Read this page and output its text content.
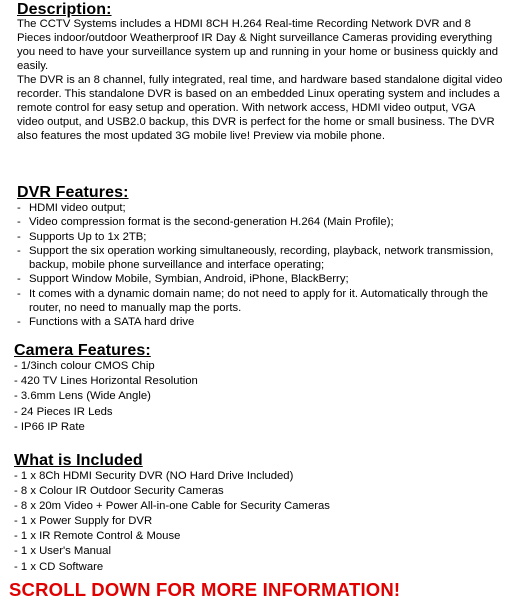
Description:

The CCTV Systems includes a HDMI 8CH H.264 Real-time Recording Network DVR and 8 Pieces indoor/outdoor Weatherproof IR Day & Night surveillance Cameras providing everything you need to have your surveillance system up and running in your home or business quickly and easily.

The DVR is an 8 channel, fully integrated, real time, and hardware based standalone digital video recorder. This standalone DVR is based on an embedded Linux operating system and includes a remote control for easy setup and operation. With network access, HDMI video output, VGA video output, and USB2.0 backup, this DVR is perfect for the home or small business. The DVR also features the most updated 3G mobile live! Preview via mobile phone.

DVR Features:
- HDMI video output;
- Video compression format is the second-generation H.264 (Main Profile);
- Supports Up to 1x 2TB;
- Support the six operation working simultaneously, recording, playback, network transmission, backup, mobile phone surveillance and interface operating;
- Support Window Mobile, Symbian, Android, iPhone, BlackBerry;
- It comes with a dynamic domain name; do not need to apply for it. Automatically through the router, no need to manually map the ports.
- Functions with a SATA hard drive
Camera Features:
- 1/3inch colour CMOS Chip
- 420 TV Lines Horizontal Resolution
- 3.6mm Lens (Wide Angle)
- 24 Pieces IR Leds
- IP66 IP Rate
What is Included
- 1 x 8Ch HDMI Security DVR (NO Hard Drive Included)
- 8 x Colour IR Outdoor Security Cameras
- 8 x 20m Video + Power All-in-one Cable for Security Cameras
- 1 x Power Supply for DVR
- 1 x IR Remote Control & Mouse
- 1 x User's Manual
- 1 x CD Software
SCROLL DOWN FOR MORE INFORMATION!
